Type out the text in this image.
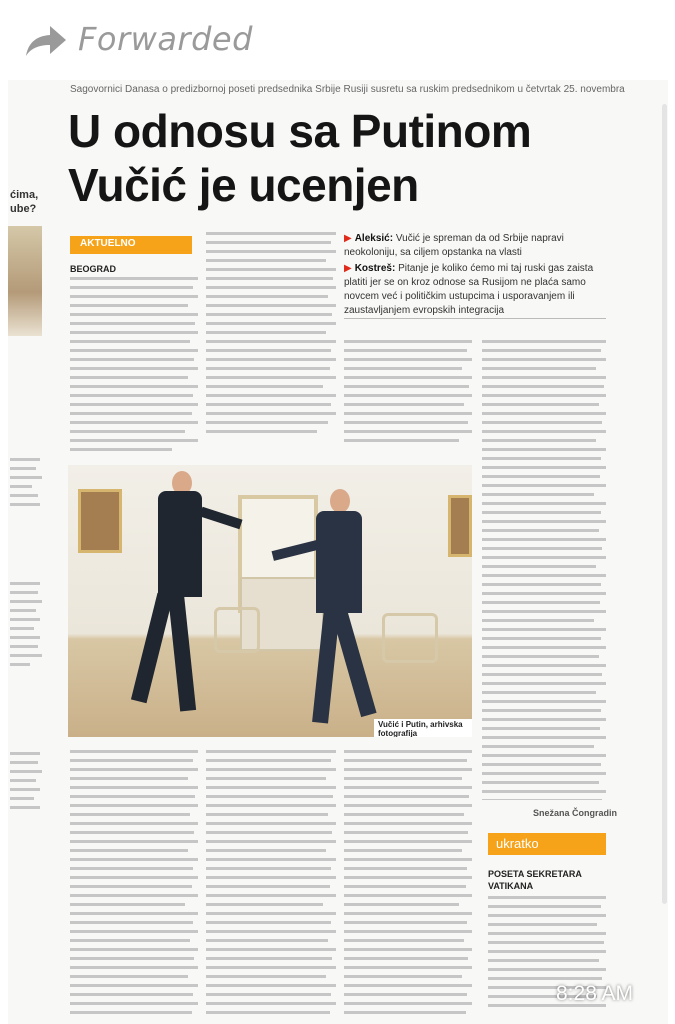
Forwarded
ćima, ube?
Sagovornici Danasa o predizbornoj poseti predsednika Srbije Rusiji susretu sa ruskim predsednikom u četvrtak 25. novembra
U odnosu sa Putinom
Vučić je ucenjen
AKTUELNO	▶ Aleksić: Vučić je spreman da od Srbije napravi neokoloniju, sa ciljem opstanka na vlasti
▶ Kostreš: Pitanje je koliko ćemo mi taj ruski gas zaista platiti jer se on kroz odnose sa Rusijom ne plaća samo novcem već i političkim ustupcima i usporavanjem ili zaustavljanjem evropskih integracija
BEOGRAD
Vučić i Putin, arhivska fotografija
Snežana Čongradin
ukratko
POSETA SEKRETARA
VATIKANA
8:28 AM
